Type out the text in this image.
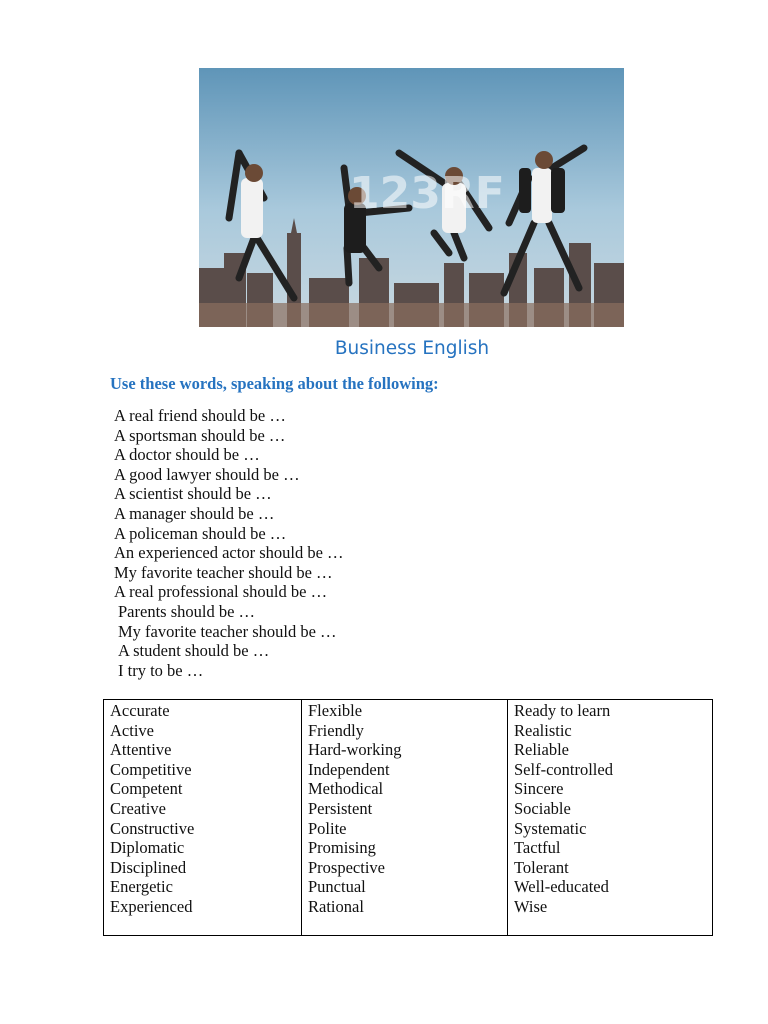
123RF
Business English
Use these words, speaking about the following:
A real friend should be …
A sportsman should be …
A doctor should be …
A good lawyer should be …
A scientist should be …
A manager should be …
A policeman should be …
An experienced actor should be …
My favorite teacher should be …
A real professional should be …
Parents should be …
My favorite teacher should be …
A student should be …
I try to be …
Accurate
Active
Attentive
Competitive
Competent
Creative
Constructive
Diplomatic
Disciplined
Energetic
Experienced

Flexible
Friendly
Hard-working
Independent
Methodical
Persistent
Polite
Promising
Prospective
Punctual
Rational

Ready to learn
Realistic
Reliable
Self-controlled
Sincere
Sociable
Systematic
Tactful
Tolerant
Well-educated
Wise
